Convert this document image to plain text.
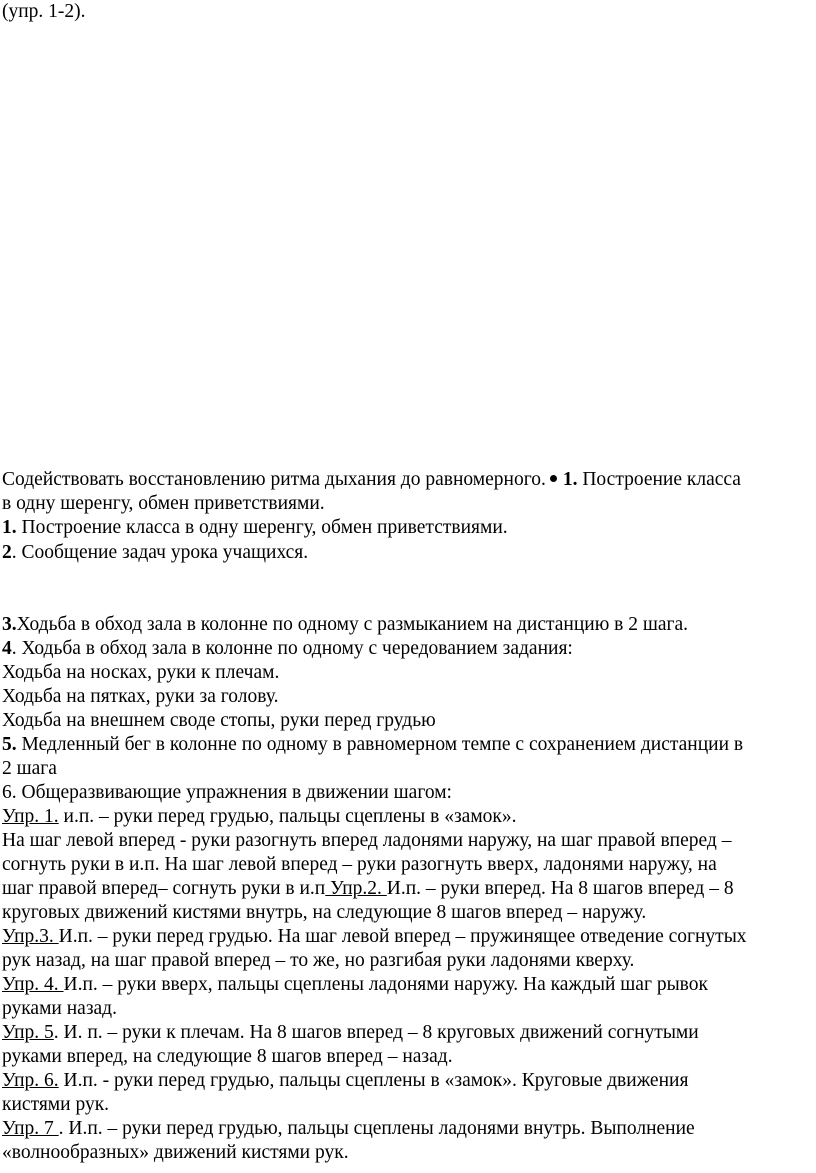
(упр. 1-2).
Содействовать восстановлению ритма дыхания до равномерного. 1. Построение класса
в одну шеренгу, обмен приветствиями.
1. Построение класса в одну шеренгу, обмен приветствиями.
2. Сообщение задач урока учащихся.
3.Ходьба в обход зала в колонне по одному с размыканием на дистанцию в 2 шага.
4. Ходьба в обход зала в колонне по одному с чередованием задания:
Ходьба на носках, руки к плечам.
Ходьба на пятках, руки за голову.
Ходьба на внешнем своде стопы, руки перед грудью
5. Медленный бег в колонне по одному в равномерном темпе с сохранением дистанции в
2 шага
6. Общеразвивающие упражнения в движении шагом:
Упр. 1. и.п. – руки перед грудью, пальцы сцеплены в «замок».
На шаг левой вперед - руки разогнуть вперед ладонями наружу, на шаг правой вперед –
согнуть руки в и.п. На шаг левой вперед – руки разогнуть вверх, ладонями наружу, на
шаг правой вперед– согнуть руки в и.п Упр.2. И.п. – руки вперед. На 8 шагов вперед – 8
круговых движений кистями внутрь, на следующие 8 шагов вперед – наружу.
Упр.3. И.п. – руки перед грудью. На шаг левой вперед – пружинящее отведение согнутых
рук назад, на шаг правой вперед – то же, но разгибая руки ладонями кверху.
Упр. 4. И.п. – руки вверх, пальцы сцеплены ладонями наружу. На каждый шаг рывок
руками назад.
Упр. 5. И. п. – руки к плечам. На 8 шагов вперед – 8 круговых движений согнутыми
руками вперед, на следующие 8 шагов вперед – назад.
Упр. 6. И.п. - руки перед грудью, пальцы сцеплены в «замок». Круговые движения
кистями рук.
Упр. 7 . И.п. – руки перед грудью, пальцы сцеплены ладонями внутрь. Выполнение
«волнообразных» движений кистями рук.
